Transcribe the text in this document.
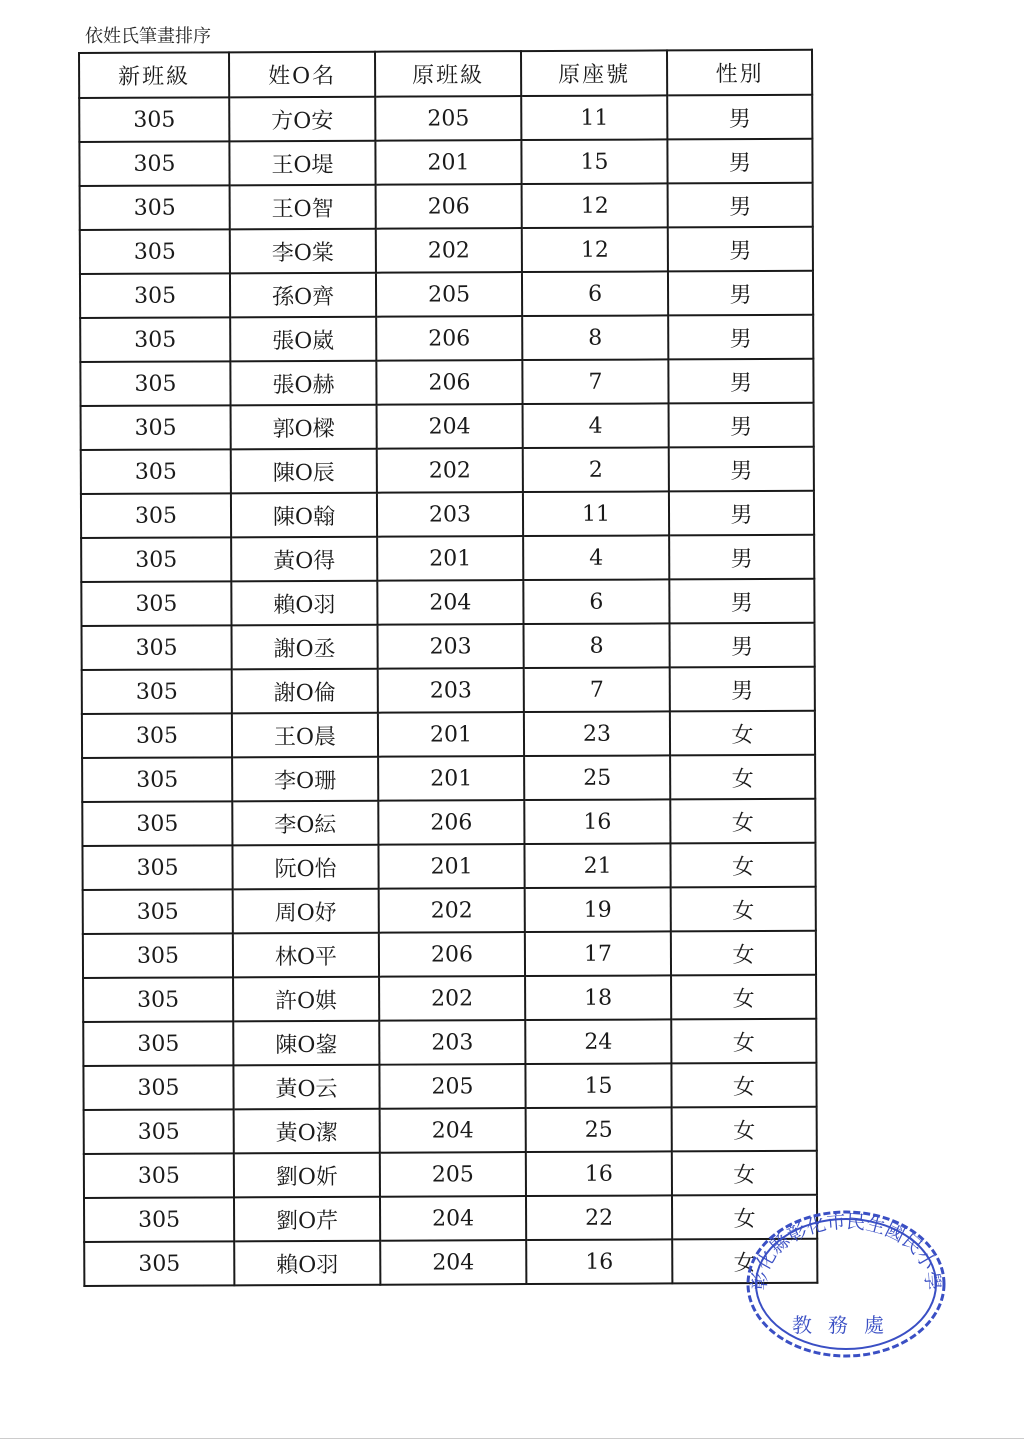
依姓氏筆畫排序
新班級	姓O名	原班級	原座號	性別
305	方O安	205	11	男
305	王O堤	201	15	男
305	王O智	206	12	男
305	李O棠	202	12	男
305	孫O齊	205	6	男
305	張O崴	206	8	男
305	張O赫	206	7	男
305	郭O樑	204	4	男
305	陳O辰	202	2	男
305	陳O翰	203	11	男
305	黃O得	201	4	男
305	賴O羽	204	6	男
305	謝O丞	203	8	男
305	謝O倫	203	7	男
305	王O晨	201	23	女
305	李O珊	201	25	女
305	李O紜	206	16	女
305	阮O怡	201	21	女
305	周O妤	202	19	女
305	林O平	206	17	女
305	許O娸	202	18	女
305	陳O鋆	203	24	女
305	黃O云	205	15	女
305	黃O潔	204	25	女
305	劉O妡	205	16	女
305	劉O芹	204	22	女
305	賴O羽	204	16	女
彰化縣彰化市民生國民小學
教務處
